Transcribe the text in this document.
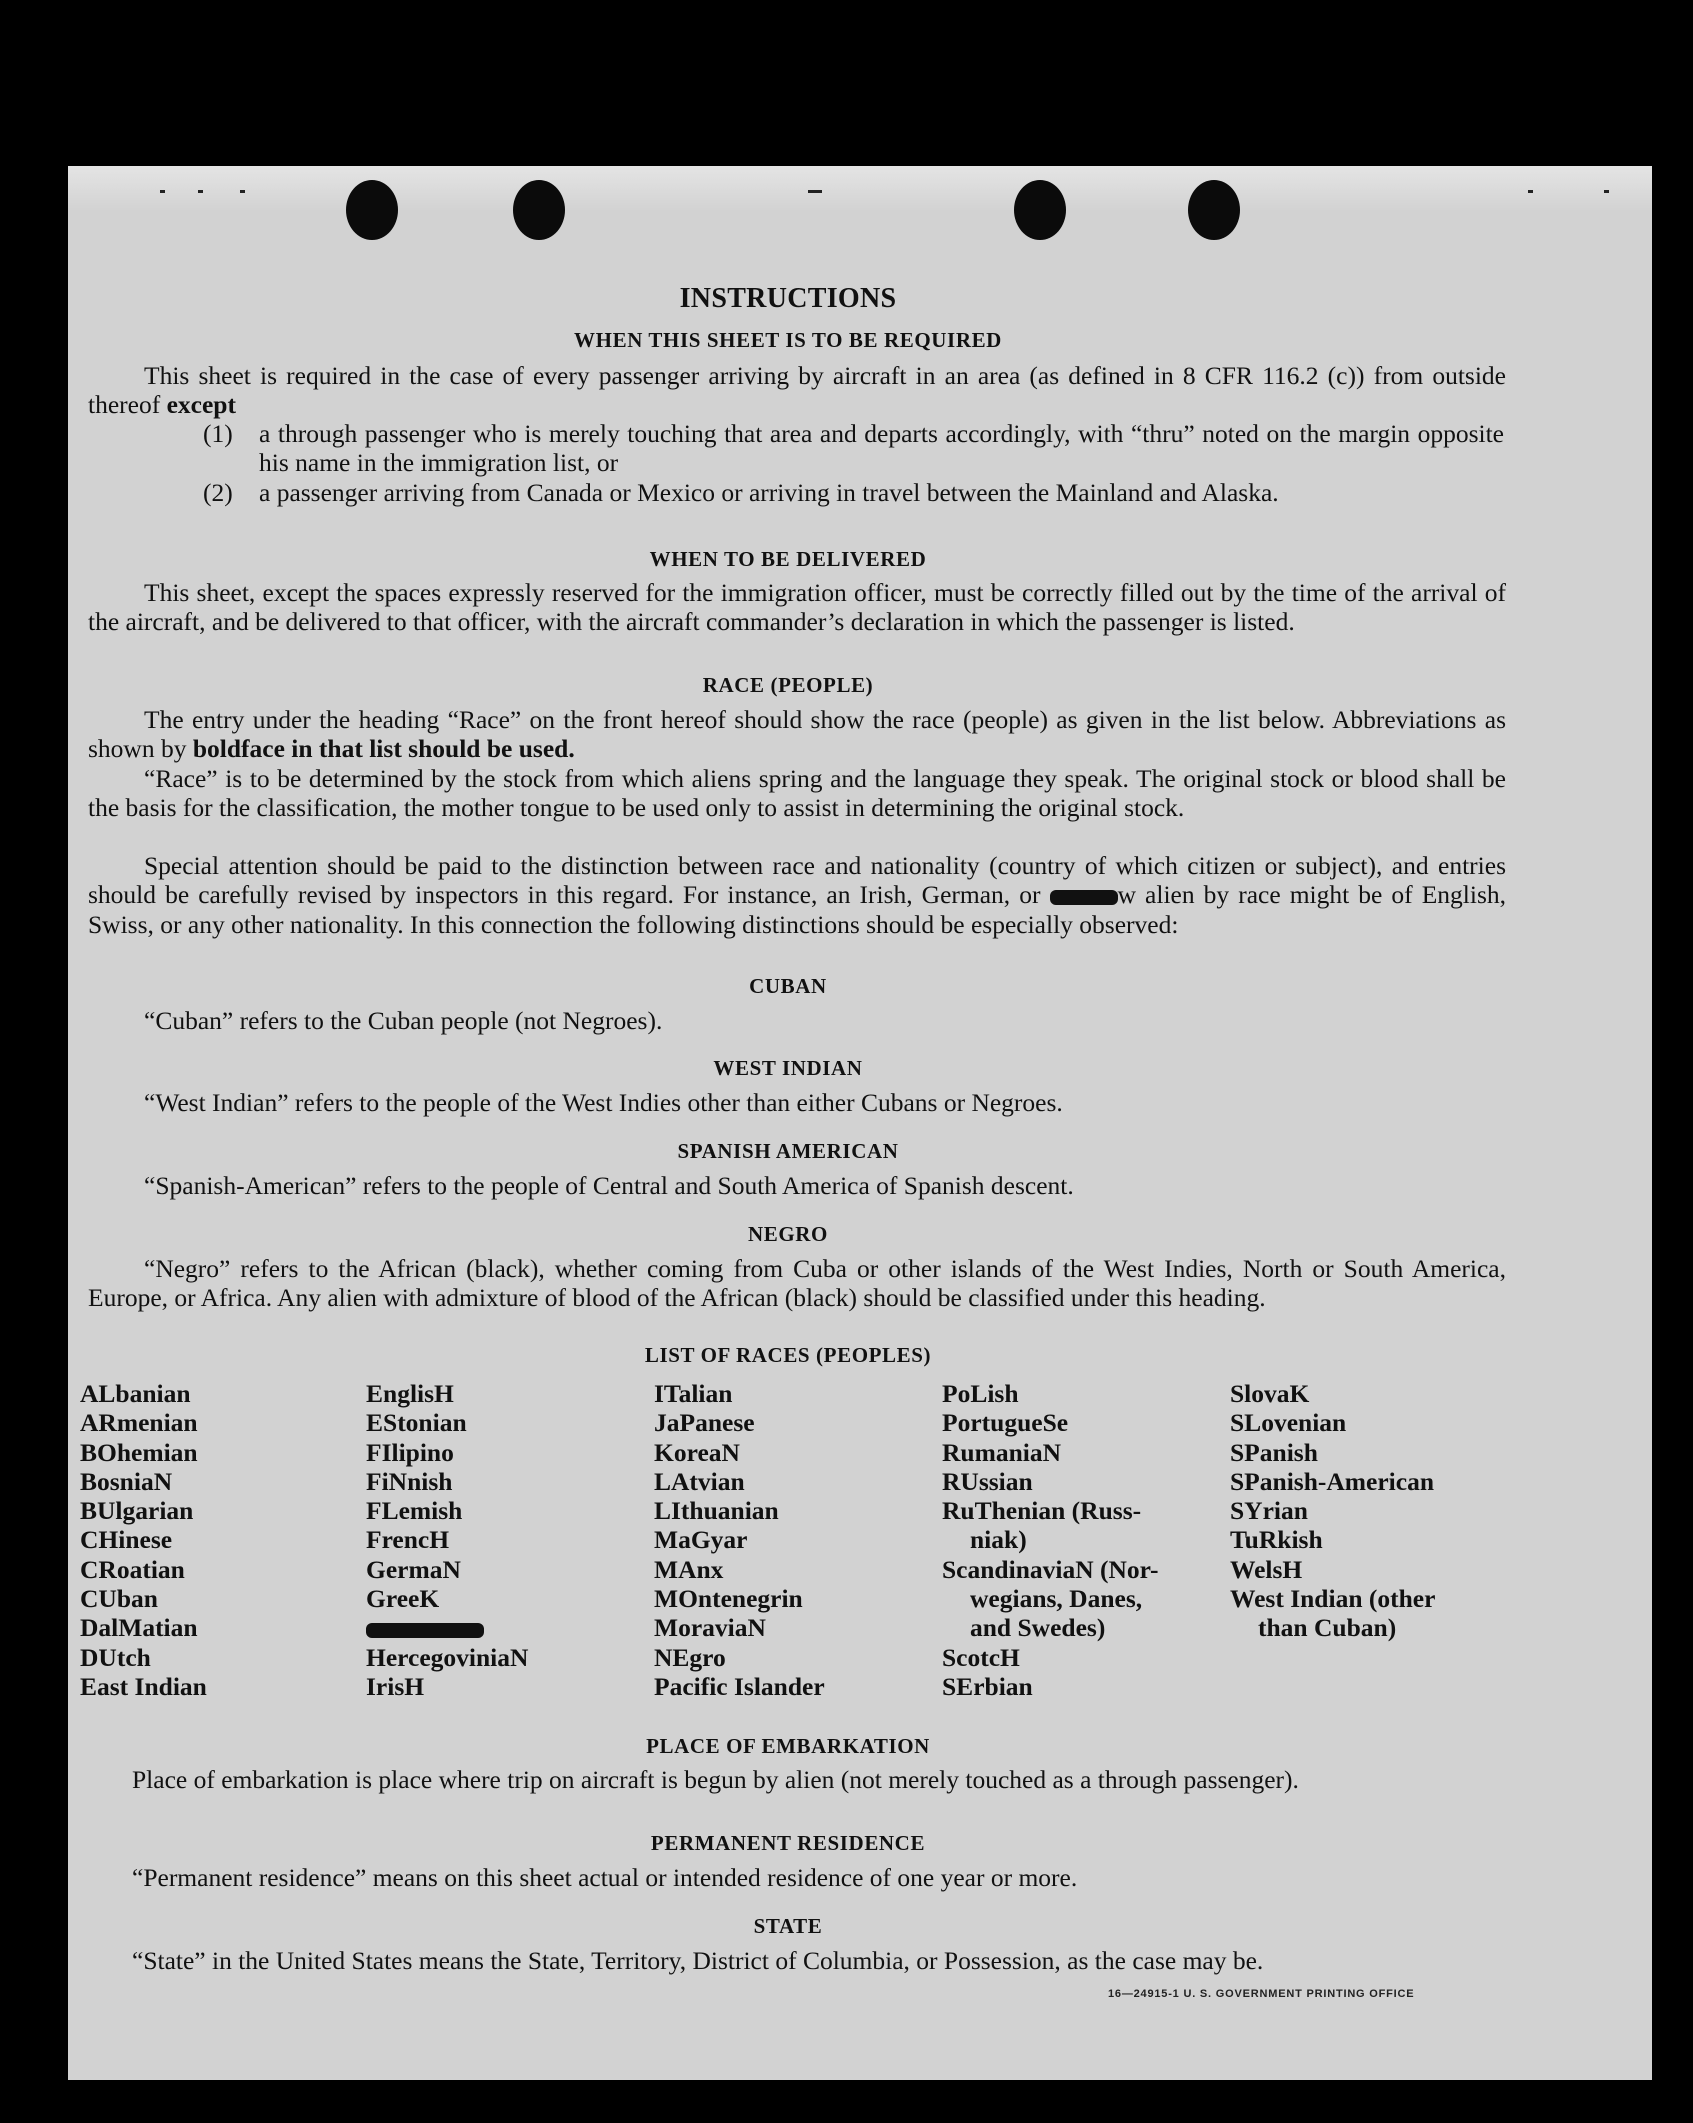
INSTRUCTIONS
WHEN THIS SHEET IS TO BE REQUIRED

This sheet is required in the case of every passenger arriving by aircraft in an area (as defined in 8 CFR 116.2 (c)) from outside thereof except

(1) a through passenger who is merely touching that area and departs accordingly, with “thru” noted on the margin opposite his name in the immigration list, or
(2) a passenger arriving from Canada or Mexico or arriving in travel between the Mainland and Alaska.
WHEN TO BE DELIVERED

This sheet, except the spaces expressly reserved for the immigration officer, must be correctly filled out by the time of the arrival of the aircraft, and be delivered to that officer, with the aircraft commander’s declaration in which the passenger is listed.

RACE (PEOPLE)

The entry under the heading “Race” on the front hereof should show the race (people) as given in the list below. Abbreviations as shown by boldface in that list should be used.

“Race” is to be determined by the stock from which aliens spring and the language they speak. The original stock or blood shall be the basis for the classification, the mother tongue to be used only to assist in determining the original stock.

Special attention should be paid to the distinction between race and nationality (country of which citizen or subject), and entries should be carefully revised by inspectors in this regard. For instance, an Irish, German, or	w alien by race might be of English, Swiss, or any other nationality. In this connection the following distinctions should be especially observed:

CUBAN

“Cuban” refers to the Cuban people (not Negroes).

WEST INDIAN

“West Indian” refers to the people of the West Indies other than either Cubans or Negroes.

SPANISH AMERICAN

“Spanish-American” refers to the people of Central and South America of Spanish descent.

NEGRO

“Negro” refers to the African (black), whether coming from Cuba or other islands of the West Indies, North or South America, Europe, or Africa. Any alien with admixture of blood of the African (black) should be classified under this heading.

LIST OF RACES (PEOPLES)
ALbanian
ARmenian
BOhemian
BosniaN
BUlgarian
CHinese
CRoatian
CUban
DalMatian
DUtch
East Indian
EnglisH
EStonian
FIlipino
FiNnish
FLemish
FrencH
GermaN
GreeK
HercegoviniaN
IrisH
ITalian
JaPanese
KoreaN
LAtvian
LIthuanian
MaGyar
MAnx
MOntenegrin
MoraviaN
NEgro
Pacific Islander
PoLish
PortugueSe
RumaniaN
RUssian
RuThenian (Russ-
niak)
ScandinaviaN (Nor-
wegians, Danes,
and Swedes)
ScotcH
SErbian
SlovaK
SLovenian
SPanish
SPanish-American
SYrian
TuRkish
WelsH
West Indian (other
than Cuban)
PLACE OF EMBARKATION

Place of embarkation is place where trip on aircraft is begun by alien (not merely touched as a through passenger).

PERMANENT RESIDENCE

“Permanent residence” means on this sheet actual or intended residence of one year or more.

STATE

“State” in the United States means the State, Territory, District of Columbia, or Possession, as the case may be.

16—24915-1 U. S. GOVERNMENT PRINTING OFFICE
